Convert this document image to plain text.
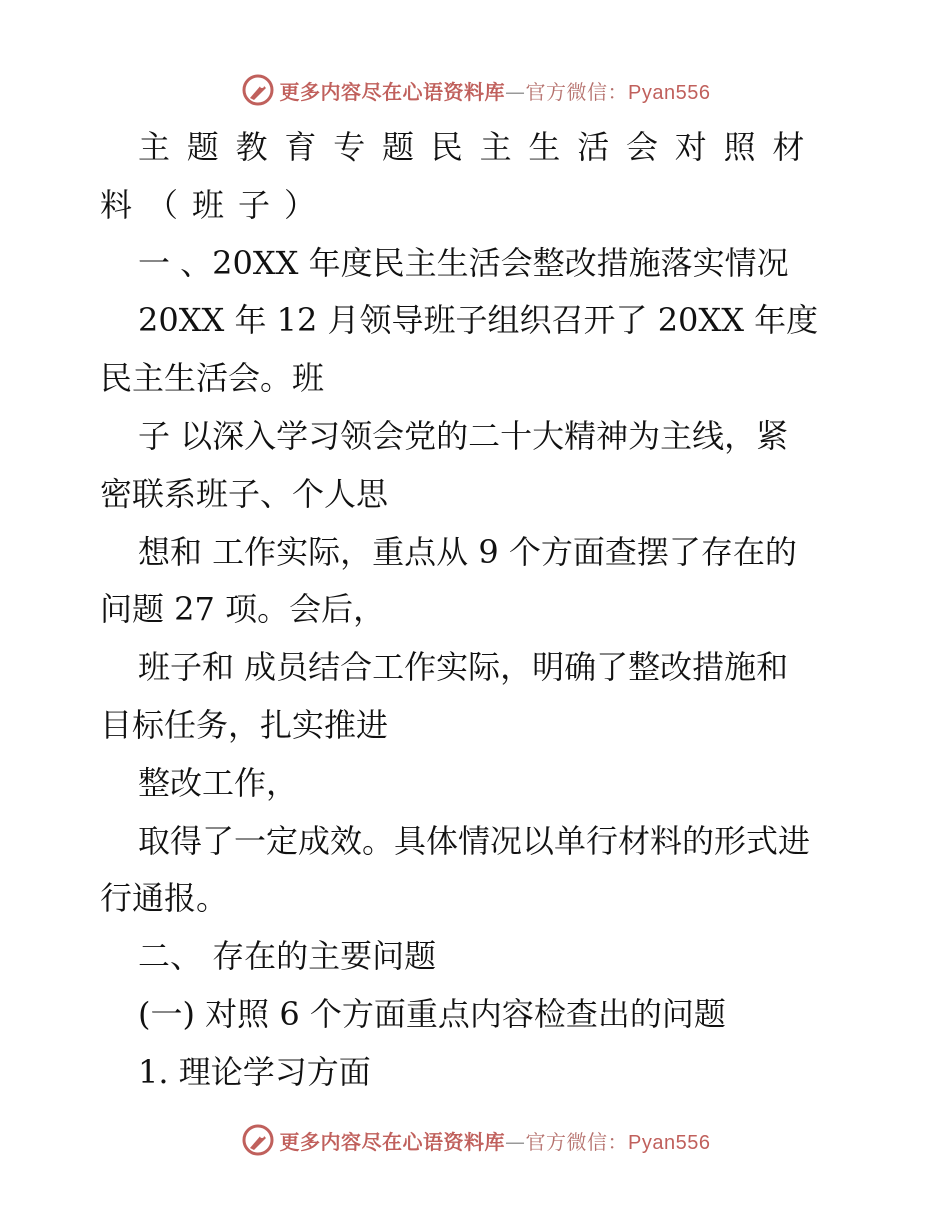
更多内容尽在心语资料库—官方微信：Pyan556
主题教育专题民主生活会对照材
料（班子）
一 、20XX 年度民主生活会整改措施落实情况
20XX 年 12 月领导班子组织召开了 20XX 年度
民主生活会。班
子 以深入学习领会党的二十大精神为主线，紧
密联系班子、个人思
想和 工作实际，重点从 9 个方面查摆了存在的
问题 27 项。会后，
班子和 成员结合工作实际，明确了整改措施和
目标任务，扎实推进
整改工作，
取得了一定成效。具体情况以单行材料的形式进
行通报。
二、 存在的主要问题
(一) 对照 6 个方面重点内容检查出的问题
1. 理论学习方面
更多内容尽在心语资料库—官方微信：Pyan556
